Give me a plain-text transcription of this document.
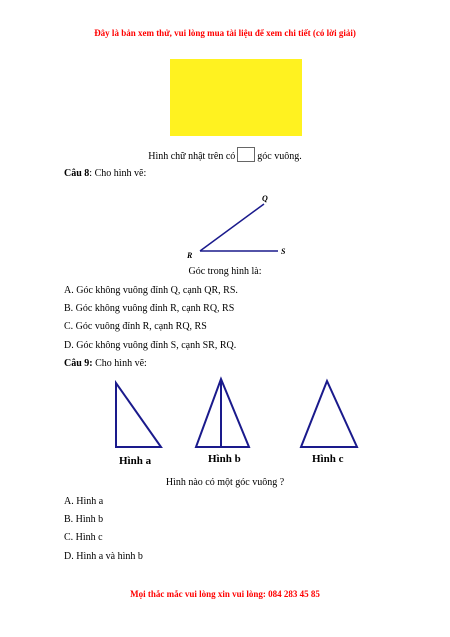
Đây là bản xem thử, vui lòng mua tài liệu để xem chi tiết (có lời giải)
Hình chữ nhật trên có góc vuông.
Câu 8: Cho hình vẽ:
Q
R	S
Góc trong hình là:
A. Góc không vuông đỉnh Q, cạnh QR, RS.
B. Góc không vuông đỉnh R, cạnh RQ, RS
C. Góc vuông đỉnh R, cạnh RQ, RS
D. Góc không vuông đỉnh S, cạnh SR, RQ.
Câu 9: Cho hình vẽ:
Hình a	Hình b	Hình c
Hình nào có một góc vuông ?
A. Hình a
B. Hình b
C. Hình c
D. Hình a và hình b
Mọi thắc mắc vui lòng xin vui lòng: 084 283 45 85
